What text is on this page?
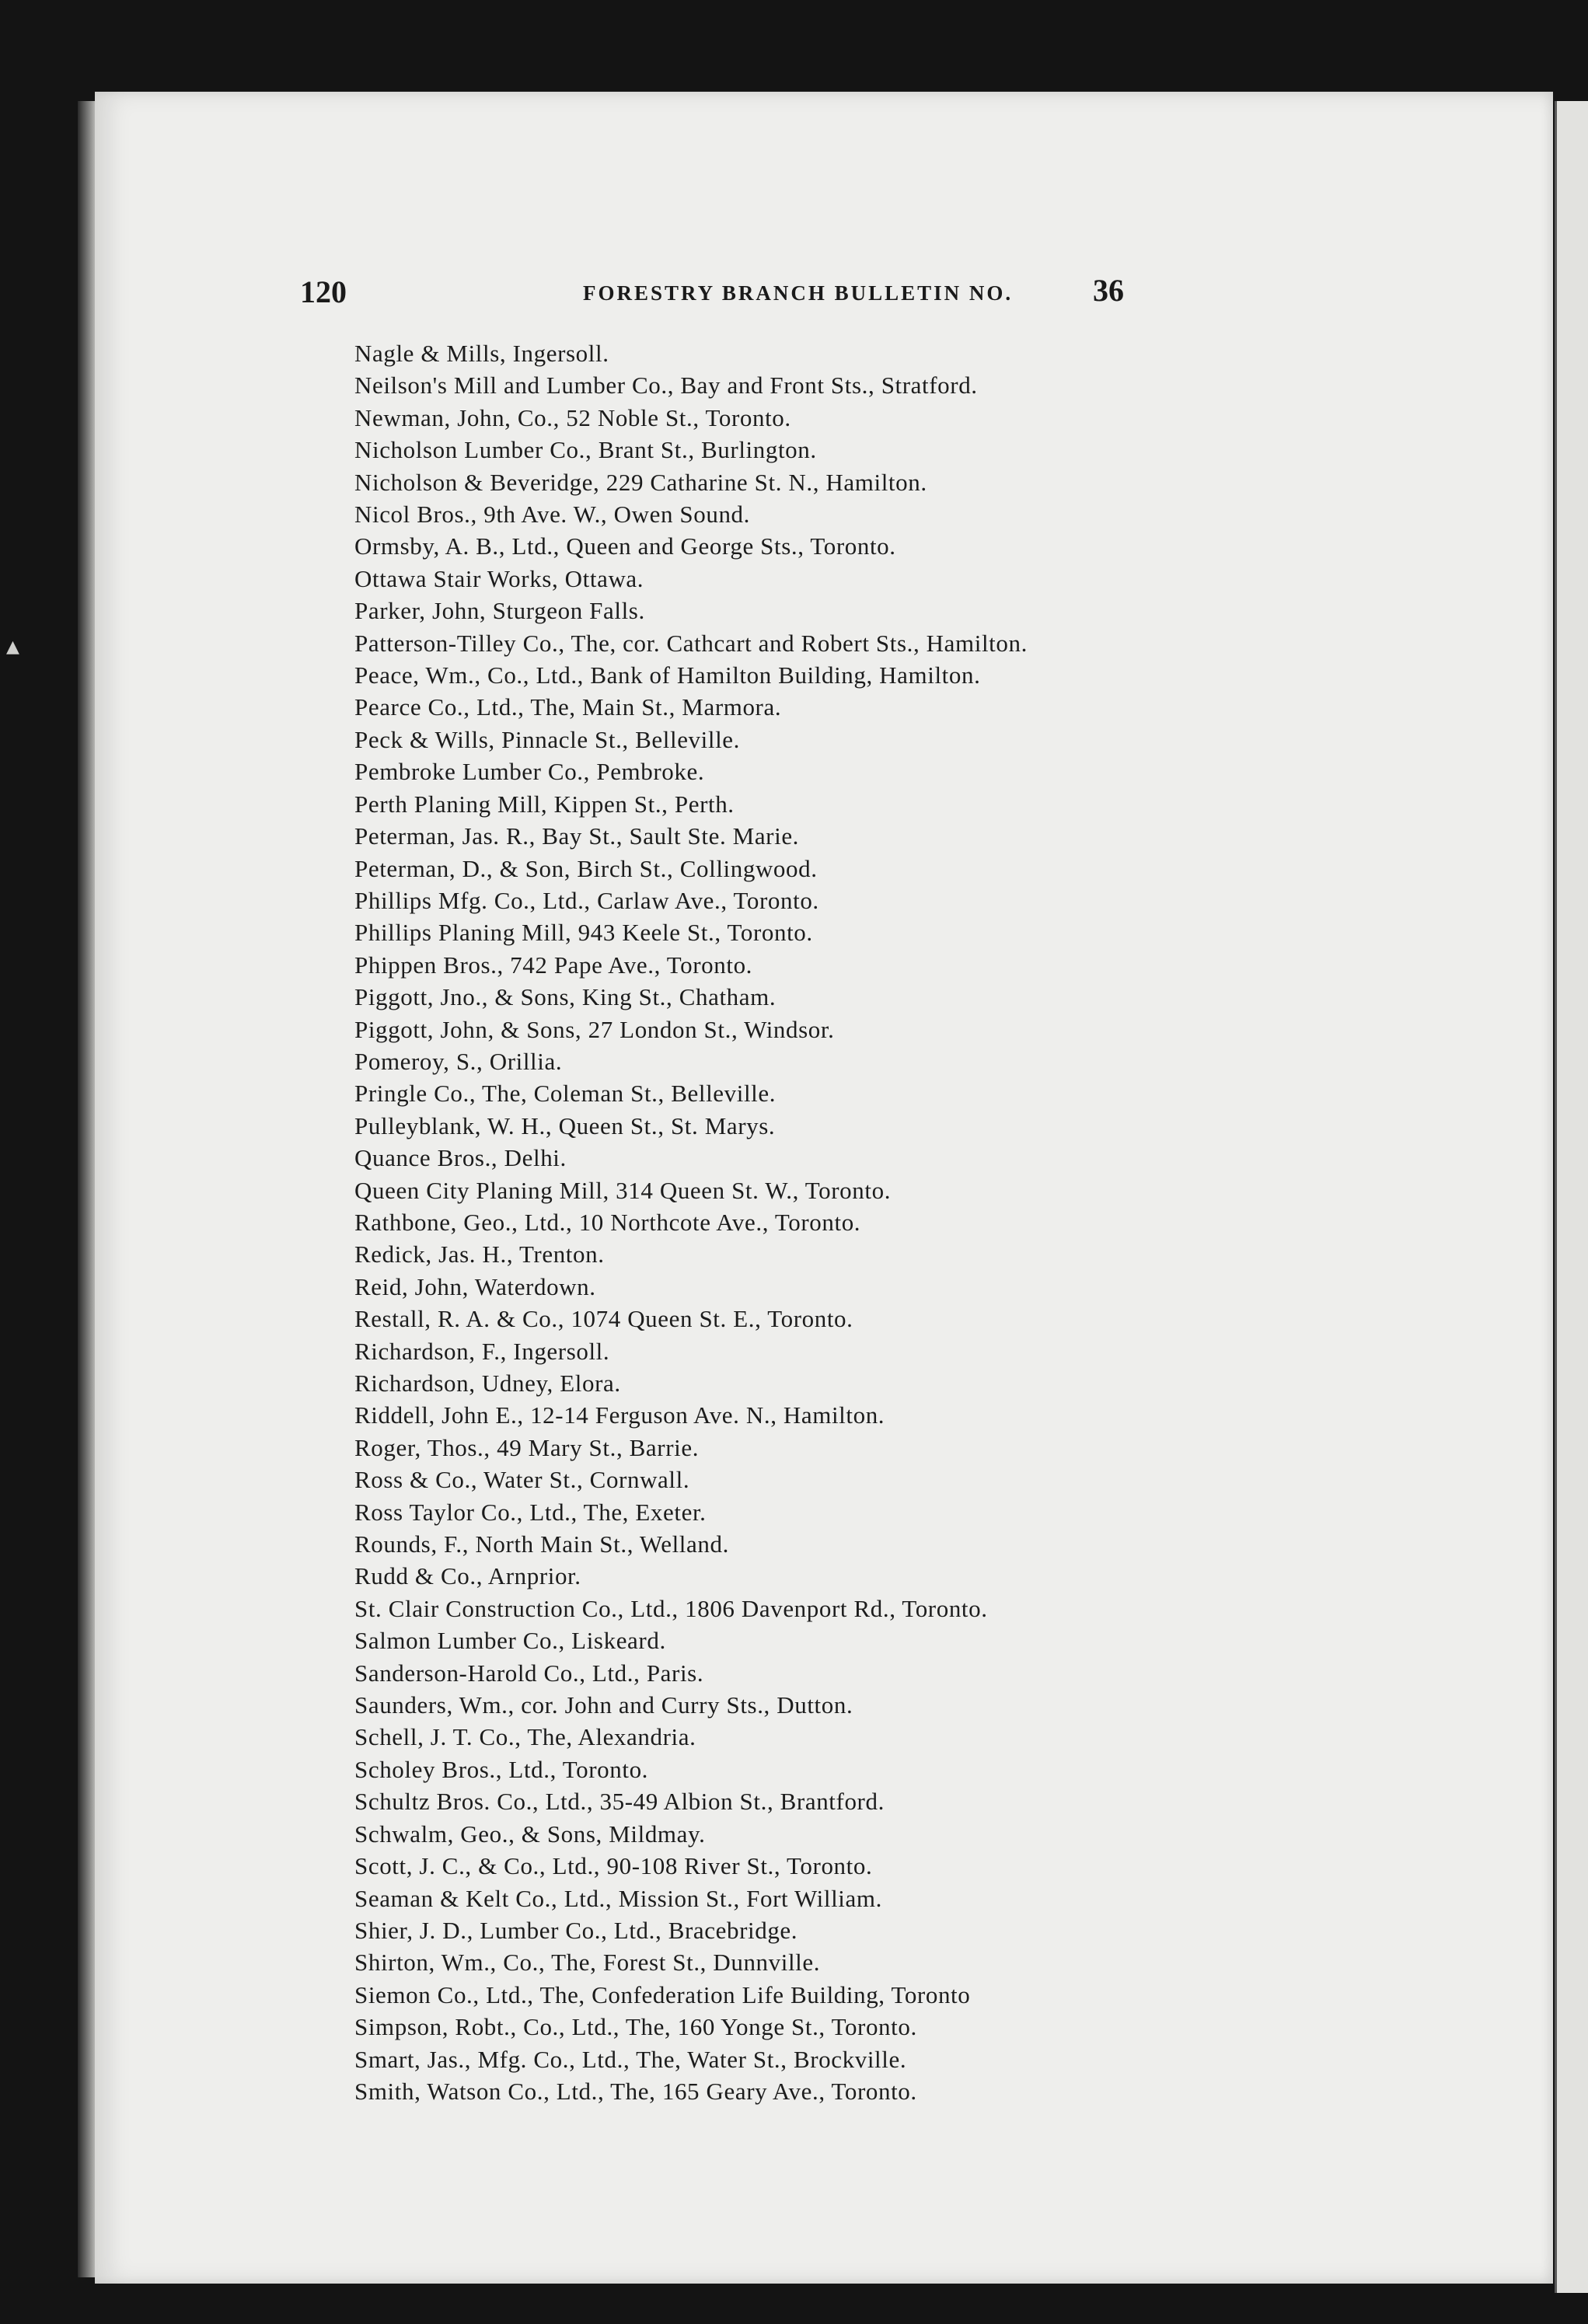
120	FORESTRY BRANCH BULLETIN NO.	36
Nagle & Mills, Ingersoll.
Neilson's Mill and Lumber Co., Bay and Front Sts., Stratford.
Newman, John, Co., 52 Noble St., Toronto.
Nicholson Lumber Co., Brant St., Burlington.
Nicholson & Beveridge, 229 Catharine St. N., Hamilton.
Nicol Bros., 9th Ave. W., Owen Sound.
Ormsby, A. B., Ltd., Queen and George Sts., Toronto.
Ottawa Stair Works, Ottawa.
Parker, John, Sturgeon Falls.
Patterson-Tilley Co., The, cor. Cathcart and Robert Sts., Hamilton.
Peace, Wm., Co., Ltd., Bank of Hamilton Building, Hamilton.
Pearce Co., Ltd., The, Main St., Marmora.
Peck & Wills, Pinnacle St., Belleville.
Pembroke Lumber Co., Pembroke.
Perth Planing Mill, Kippen St., Perth.
Peterman, Jas. R., Bay St., Sault Ste. Marie.
Peterman, D., & Son, Birch St., Collingwood.
Phillips Mfg. Co., Ltd., Carlaw Ave., Toronto.
Phillips Planing Mill, 943 Keele St., Toronto.
Phippen Bros., 742 Pape Ave., Toronto.
Piggott, Jno., & Sons, King St., Chatham.
Piggott, John, & Sons, 27 London St., Windsor.
Pomeroy, S., Orillia.
Pringle Co., The, Coleman St., Belleville.
Pulleyblank, W. H., Queen St., St. Marys.
Quance Bros., Delhi.
Queen City Planing Mill, 314 Queen St. W., Toronto.
Rathbone, Geo., Ltd., 10 Northcote Ave., Toronto.
Redick, Jas. H., Trenton.
Reid, John, Waterdown.
Restall, R. A. & Co., 1074 Queen St. E., Toronto.
Richardson, F., Ingersoll.
Richardson, Udney, Elora.
Riddell, John E., 12-14 Ferguson Ave. N., Hamilton.
Roger, Thos., 49 Mary St., Barrie.
Ross & Co., Water St., Cornwall.
Ross Taylor Co., Ltd., The, Exeter.
Rounds, F., North Main St., Welland.
Rudd & Co., Arnprior.
St. Clair Construction Co., Ltd., 1806 Davenport Rd., Toronto.
Salmon Lumber Co., Liskeard.
Sanderson-Harold Co., Ltd., Paris.
Saunders, Wm., cor. John and Curry Sts., Dutton.
Schell, J. T. Co., The, Alexandria.
Scholey Bros., Ltd., Toronto.
Schultz Bros. Co., Ltd., 35-49 Albion St., Brantford.
Schwalm, Geo., & Sons, Mildmay.
Scott, J. C., & Co., Ltd., 90-108 River St., Toronto.
Seaman & Kelt Co., Ltd., Mission St., Fort William.
Shier, J. D., Lumber Co., Ltd., Bracebridge.
Shirton, Wm., Co., The, Forest St., Dunnville.
Siemon Co., Ltd., The, Confederation Life Building, Toronto
Simpson, Robt., Co., Ltd., The, 160 Yonge St., Toronto.
Smart, Jas., Mfg. Co., Ltd., The, Water St., Brockville.
Smith, Watson Co., Ltd., The, 165 Geary Ave., Toronto.
▲
